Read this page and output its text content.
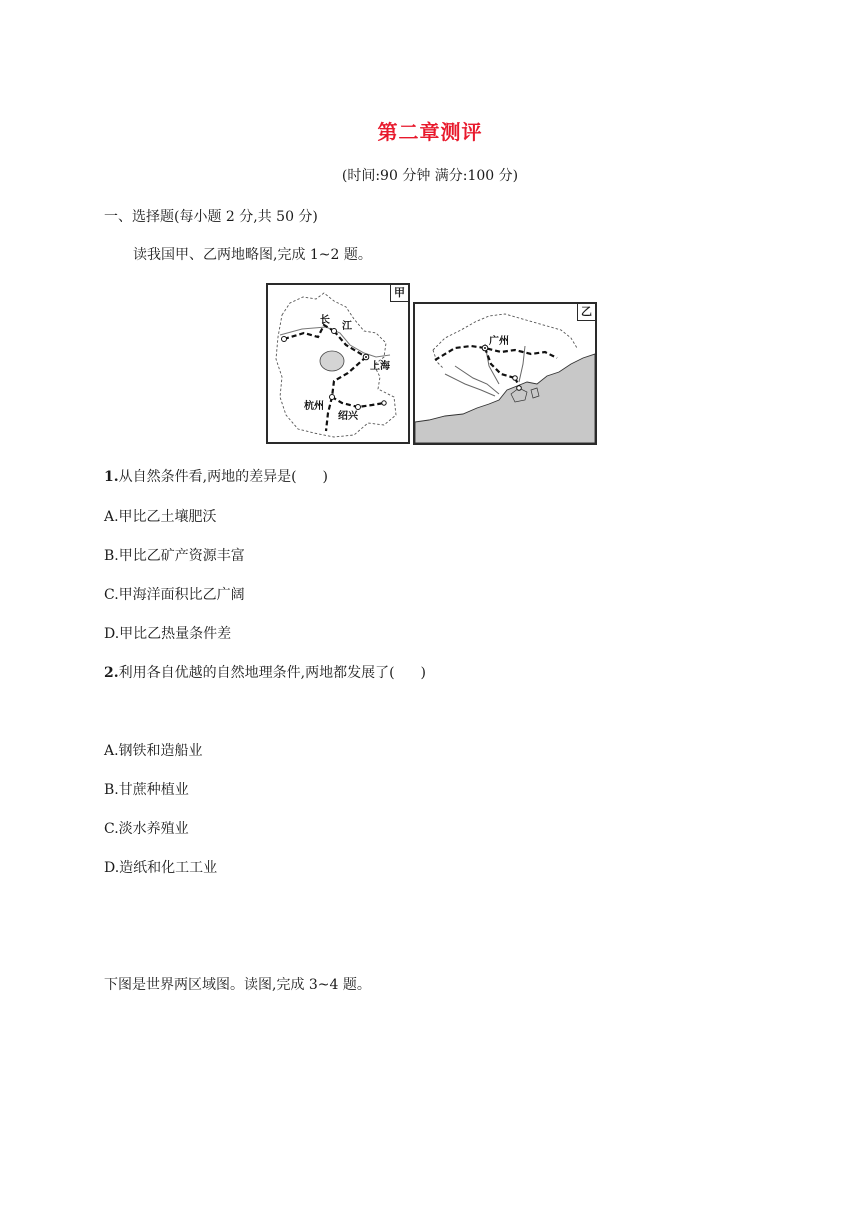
第二章测评
(时间:90 分钟 满分:100 分)
一、选择题(每小题 2 分,共 50 分)
读我国甲、乙两地略图,完成 1~2 题。
长
江
上海
杭州
绍兴
甲
广州
乙
1.从自然条件看,两地的差异是( )
A.甲比乙土壤肥沃
B.甲比乙矿产资源丰富
C.甲海洋面积比乙广阔
D.甲比乙热量条件差
2.利用各自优越的自然地理条件,两地都发展了( )
A.钢铁和造船业
B.甘蔗种植业
C.淡水养殖业
D.造纸和化工工业
下图是世界两区域图。读图,完成 3~4 题。
